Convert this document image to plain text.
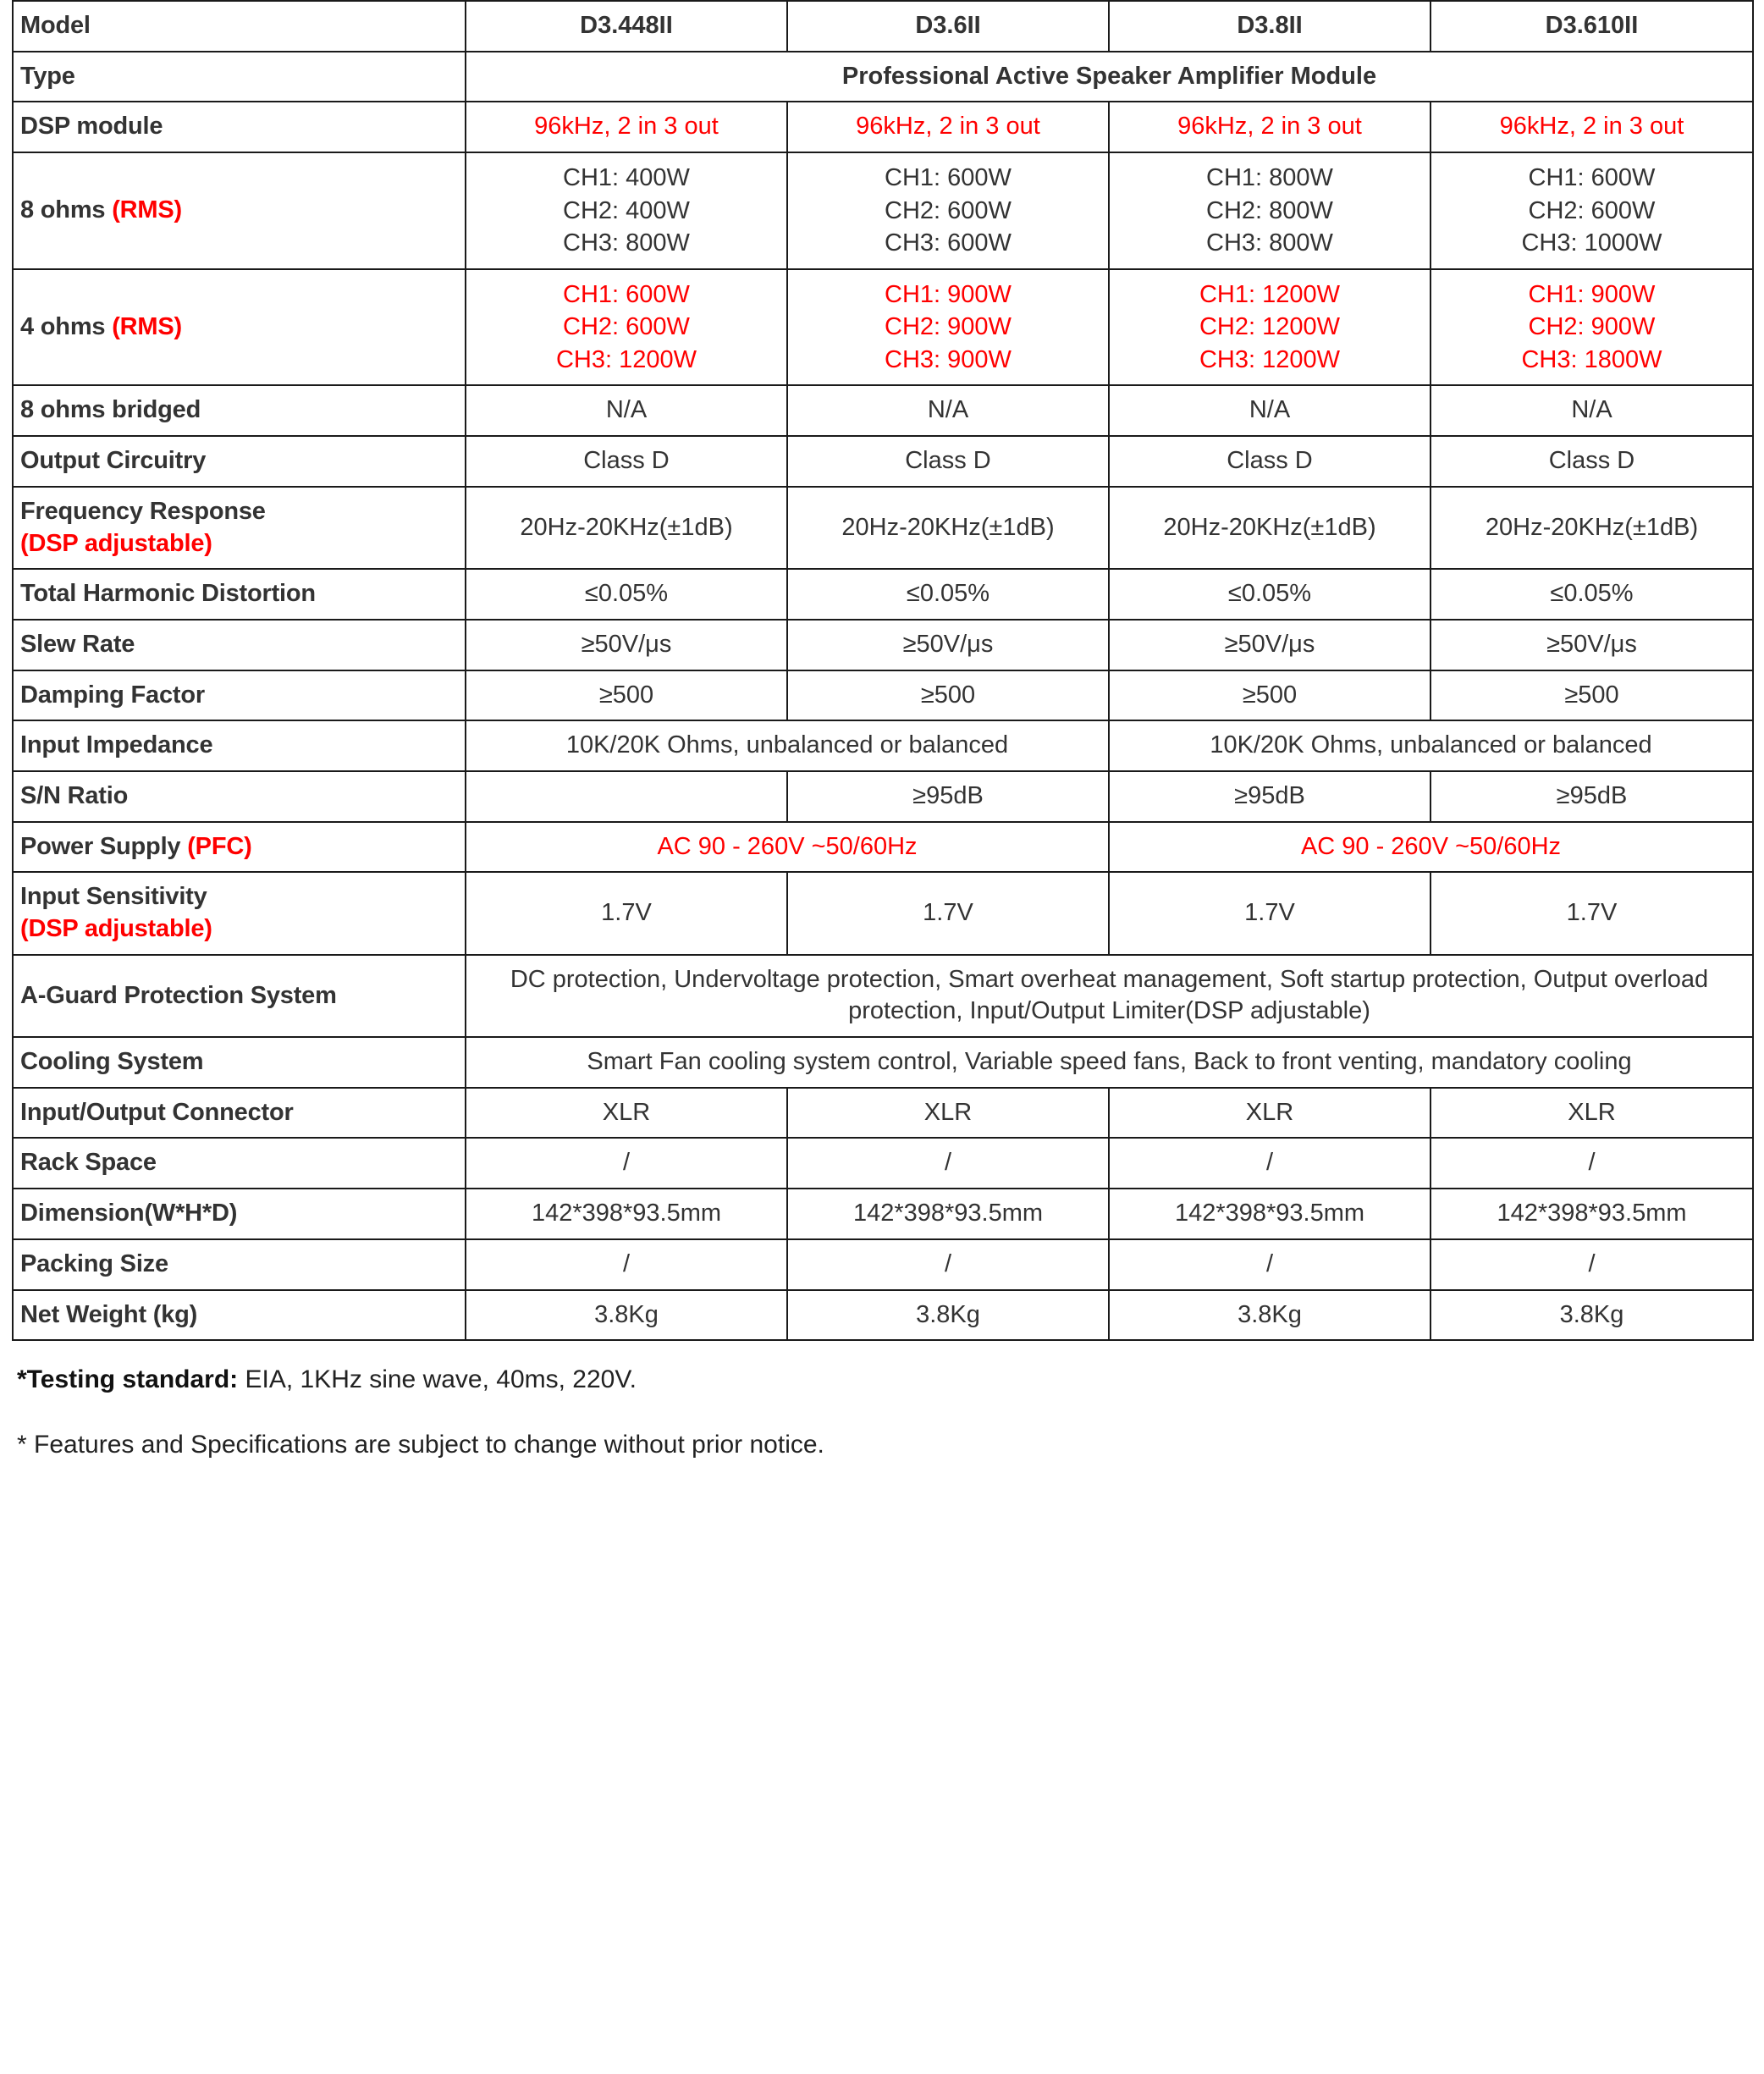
Model	D3.448II	D3.6II	D3.8II	D3.610II
Type	Professional Active Speaker Amplifier Module			
DSP module	96kHz, 2 in 3 out	96kHz, 2 in 3 out	96kHz, 2 in 3 out	96kHz, 2 in 3 out
8 ohms (RMS)	CH1: 400W
CH2: 400W
CH3: 800W	CH1: 600W
CH2: 600W
CH3: 600W	CH1: 800W
CH2: 800W
CH3: 800W	CH1: 600W
CH2: 600W
CH3: 1000W

4 ohms (RMS)	CH1: 600W
CH2: 600W
CH3: 1200W	CH1: 900W
CH2: 900W
CH3: 900W	CH1: 1200W
CH2: 1200W
CH3: 1200W	CH1: 900W
CH2: 900W
CH3: 1800W

8 ohms bridged	N/A	N/A	N/A	N/A
Output Circuitry	Class D	Class D	Class D	Class D
Frequency Response
(DSP adjustable)	20Hz-20KHz(±1dB)	20Hz-20KHz(±1dB)	20Hz-20KHz(±1dB)	20Hz-20KHz(±1dB)
Total Harmonic Distortion	≤0.05%	≤0.05%	≤0.05%	≤0.05%
Slew Rate	≥50V/μs	≥50V/μs	≥50V/μs	≥50V/μs
Damping Factor	≥500	≥500	≥500	≥500
Input Impedance	10K/20K Ohms, unbalanced or balanced		10K/20K Ohms, unbalanced or balanced	
S/N Ratio		≥95dB	≥95dB	≥95dB
Power Supply (PFC)	AC 90 - 260V ~50/60Hz		AC 90 - 260V ~50/60Hz	
Input Sensitivity
(DSP adjustable)	1.7V	1.7V	1.7V	1.7V
A-Guard Protection System	DC protection, Undervoltage protection, Smart overheat management, Soft startup protection, Output overload protection, Input/Output Limiter(DSP adjustable)			
Cooling System	Smart Fan cooling system control, Variable speed fans, Back to front venting, mandatory cooling			
Input/Output Connector	XLR	XLR	XLR	XLR
Rack Space	/	/	/	/
Dimension(W*H*D)	142*398*93.5mm	142*398*93.5mm	142*398*93.5mm	142*398*93.5mm
Packing Size	/	/	/	/
Net Weight (kg)	3.8Kg	3.8Kg	3.8Kg	3.8Kg
*Testing standard: EIA, 1KHz sine wave, 40ms, 220V.
* Features and Specifications are subject to change without prior notice.
